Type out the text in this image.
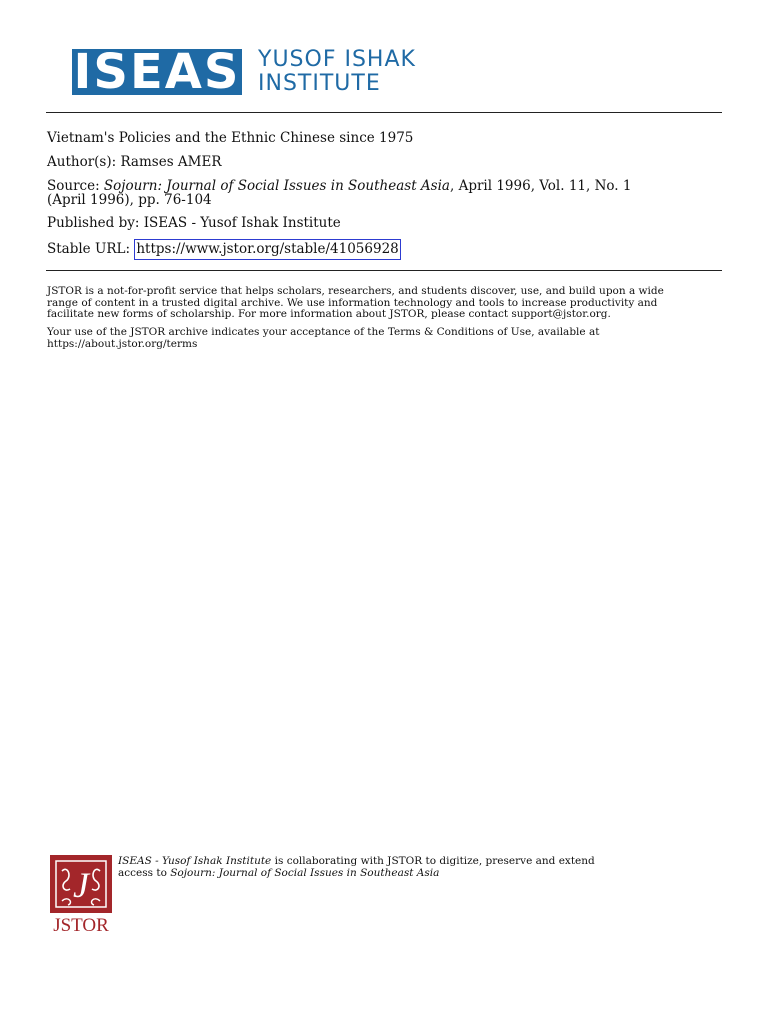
ISEAS YUSOF ISHAK
INSTITUTE
Vietnam's Policies and the Ethnic Chinese since 1975
Author(s): Ramses AMER
Source: Sojourn: Journal of Social Issues in Southeast Asia, April 1996, Vol. 11, No. 1
(April 1996), pp. 76-104
Published by: ISEAS - Yusof Ishak Institute
Stable URL: https://www.jstor.org/stable/41056928
JSTOR is a not-for-profit service that helps scholars, researchers, and students discover, use, and build upon a wide
range of content in a trusted digital archive. We use information technology and tools to increase productivity and
facilitate new forms of scholarship. For more information about JSTOR, please contact support@jstor.org.
Your use of the JSTOR archive indicates your acceptance of the Terms & Conditions of Use, available at
https://about.jstor.org/terms
J
JSTOR
ISEAS - Yusof Ishak Institute is collaborating with JSTOR to digitize, preserve and extend
access to Sojourn: Journal of Social Issues in Southeast Asia
